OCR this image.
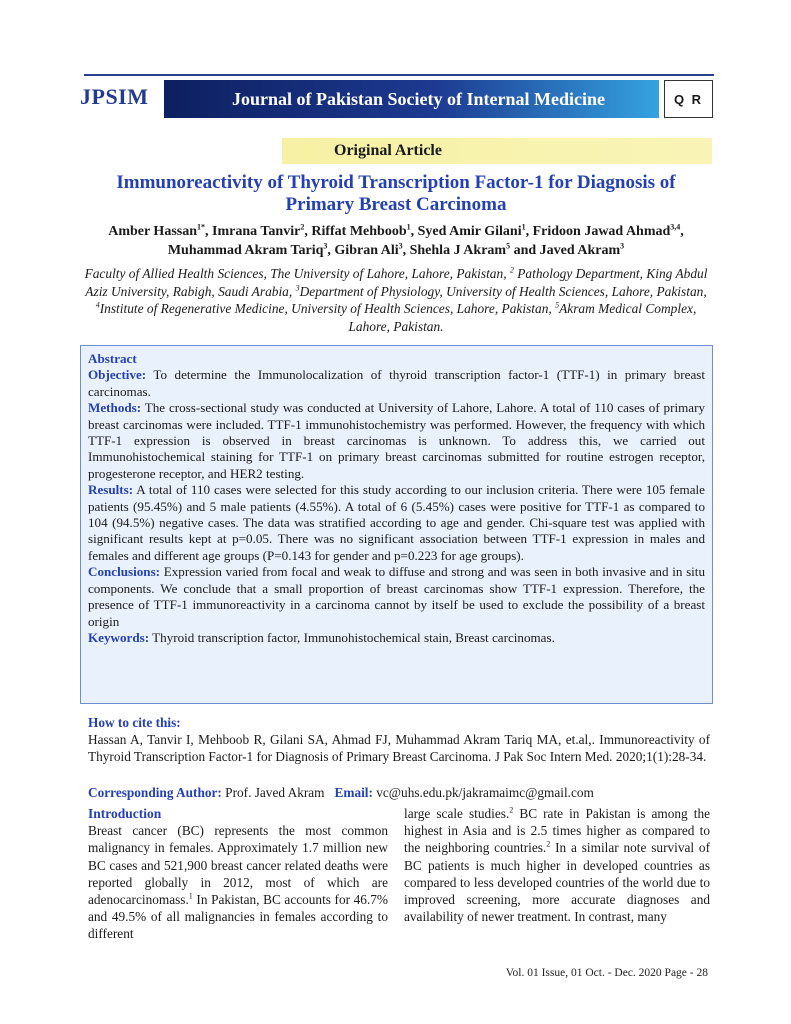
JPSIM	Journal of Pakistan Society of Internal Medicine	Q R
Original Article
Immunoreactivity of Thyroid Transcription Factor-1 for Diagnosis of Primary Breast Carcinoma
Amber Hassan$^{1*}$, Imrana Tanvir$^2$, Riffat Mehboob$^1$, Syed Amir Gilani$^1$, Fridoon Jawad Ahmad$^{3,4}$,
Muhammad Akram Tariq$^3$, Gibran Ali$^3$, Shehla J Akram$^5$ and Javed Akram$^3$
Faculty of Allied Health Sciences, The University of Lahore, Lahore, Pakistan, $^2$ Pathology Department, King Abdul Aziz University, Rabigh, Saudi Arabia, $^3$Department of Physiology, University of Health Sciences, Lahore, Pakistan, $^4$Institute of Regenerative Medicine, University of Health Sciences, Lahore, Pakistan, $^5$Akram Medical Complex, Lahore, Pakistan.

Abstract

Objective: To determine the Immunolocalization of thyroid transcription factor-1 (TTF-1) in primary breast carcinomas.

Methods: The cross-sectional study was conducted at University of Lahore, Lahore. A total of 110 cases of primary breast carcinomas were included. TTF-1 immunohistochemistry was performed. However, the frequency with which TTF-1 expression is observed in breast carcinomas is unknown. To address this, we carried out Immunohistochemical staining for TTF-1 on primary breast carcinomas submitted for routine estrogen receptor, progesterone receptor, and HER2 testing.

Results: A total of 110 cases were selected for this study according to our inclusion criteria. There were 105 female patients (95.45%) and 5 male patients (4.55%). A total of 6 (5.45%) cases were positive for TTF-1 as compared to 104 (94.5%) negative cases. The data was stratified according to age and gender. Chi-square test was applied with significant results kept at p=0.05. There was no significant association between TTF-1 expression in males and females and different age groups (P=0.143 for gender and p=0.223 for age groups).

Conclusions: Expression varied from focal and weak to diffuse and strong and was seen in both invasive and in situ components. We conclude that a small proportion of breast carcinomas show TTF-1 expression. Therefore, the presence of TTF-1 immunoreactivity in a carcinoma cannot by itself be used to exclude the possibility of a breast origin

Keywords: Thyroid transcription factor, Immunohistochemical stain, Breast carcinomas.

How to cite this:
Hassan A, Tanvir I, Mehboob R, Gilani SA, Ahmad FJ, Muhammad Akram Tariq MA, et.al,. Immunoreactivity of Thyroid Transcription Factor-1 for Diagnosis of Primary Breast Carcinoma. J Pak Soc Intern Med. 2020;1(1):28-34.
Corresponding Author: Prof. Javed Akram Email: vc@uhs.edu.pk/jakramaimc@gmail.com
Introduction
Breast cancer (BC) represents the most common malignancy in females. Approximately 1.7 million new BC cases and 521,900 breast cancer related deaths were reported globally in 2012, most of which are adenocarcinomass.$^1$ In Pakistan, BC accounts for 46.7% and 49.5% of all malignancies in females according to different
large scale studies.$^2$ BC rate in Pakistan is among the highest in Asia and is 2.5 times higher as compared to the neighboring countries.$^2$ In a similar note survival of BC patients is much higher in developed countries as compared to less developed countries of the world due to improved screening, more accurate diagnoses and availability of newer treatment. In contrast, many
Vol. 01 Issue, 01 Oct. - Dec. 2020 Page - 28
